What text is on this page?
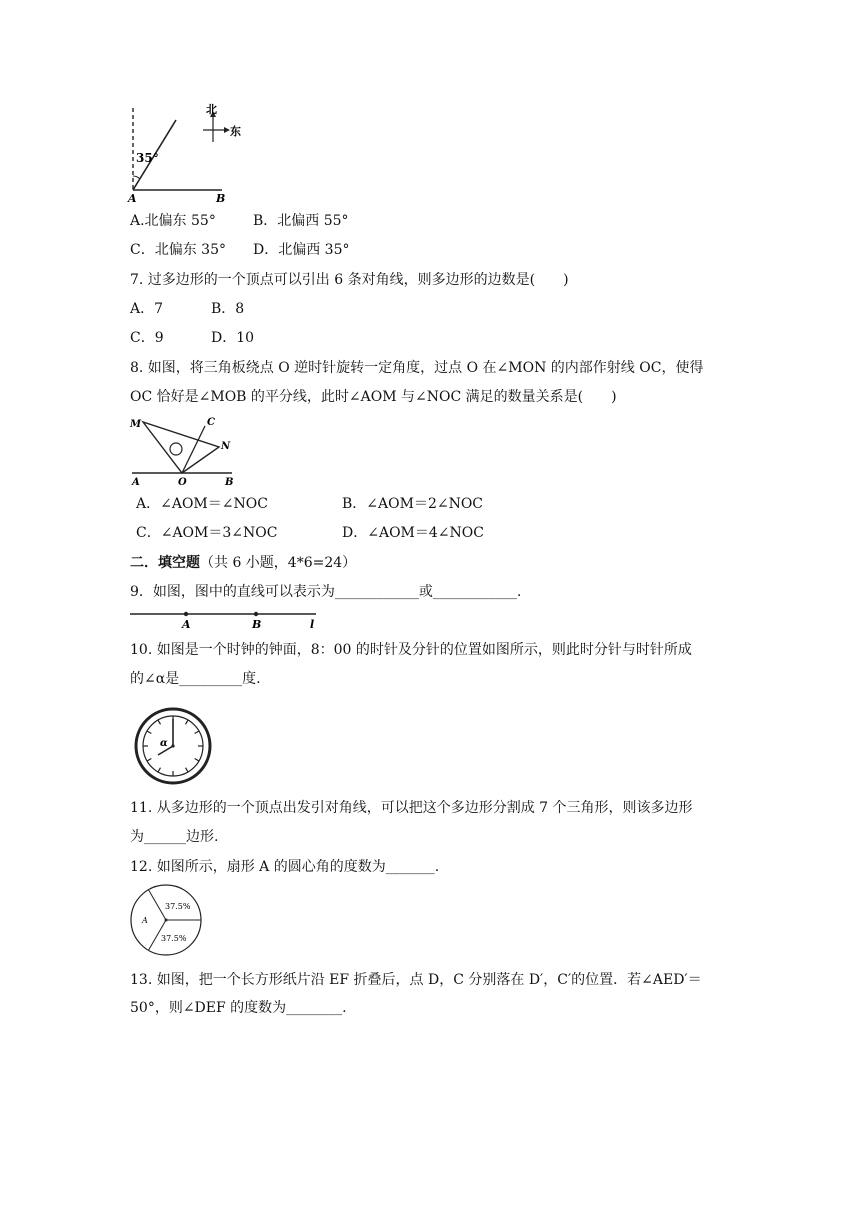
35°
A	B
北
东
A.北偏东 55°	B．北偏西 55°
C．北偏东 35° D．北偏西 35°
7. 过多边形的一个顶点可以引出 6 条对角线，则多边形的边数是(　　)
A．7	B．8
C．9	D．10
8. 如图，将三角板绕点 O 逆时针旋转一定角度，过点 O 在∠MON 的内部作射线 OC，使得
OC 恰好是∠MOB 的平分线，此时∠AOM 与∠NOC 满足的数量关系是(　　)
M	C
N
A	O	B
A．∠AOM＝∠NOC	B．∠AOM＝2∠NOC
C．∠AOM＝3∠NOC	D．∠AOM＝4∠NOC
二．填空题（共 6 小题，4*6=24）
9．如图，图中的直线可以表示为____________或____________.
A	B	l
10. 如图是一个时钟的钟面，8：00 的时针及分针的位置如图所示，则此时分针与时针所成
的∠α是_________度.
α
11. 从多边形的一个顶点出发引对角线，可以把这个多边形分割成 7 个三角形，则该多边形
为______边形.
12. 如图所示，扇形 A 的圆心角的度数为_______.
A
37.5%
37.5%
13. 如图，把一个长方形纸片沿 EF 折叠后，点 D，C 分别落在 D′，C′的位置．若∠AED′＝
50°，则∠DEF 的度数为________.
